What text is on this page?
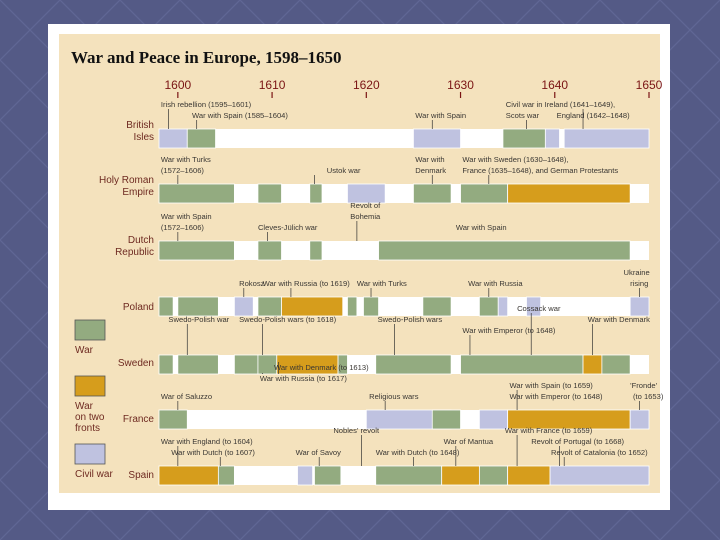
War and Peace in Europe, 1598–1650
1600	1610	1620	1630	1640	1650
British
Isles
Irish rebellion (1595–1601)
War with Spain (1585–1604)	War with Spain
Civil war in Ireland (1641–1649),
Scots war England (1642–1648)
Holy Roman
Empire
War with Turks
(1572–1606)	Ustok war
War with
Denmark
War with Sweden (1630–1648),
France (1635–1648), and German Protestants
Dutch
Republic
War with Spain
(1572–1606)	Cleves-Jülich war
Revolt of
Bohemia
War with Spain
Poland
Rokosz
War with Russia (to 1619) War with Turks	War with Russia
Ukraine
rising
Sweden
Swedo-Polish war Swedo-Polish wars (to 1618)	Swedo-Polish wars
Cossack war
War with Denmark
War with Emperor (to 1648)
War with Denmark (to 1613)
War with Russia (to 1617)
France
War of Saluzzo	Religious wars
War with Spain (to 1659)
War with Emperor (to 1648)
'Fronde'
(to 1653)
Spain
War with England (to 1604)
War with Dutch (to 1607)
Nobles' revolt
War of Savoy	War with Dutch (to 1648)
War of Mantua
War with France (to 1659)
Revolt of Portugal (to 1668)
Revolt of Catalonia (to 1652)
War
War
on two
fronts
Civil war
